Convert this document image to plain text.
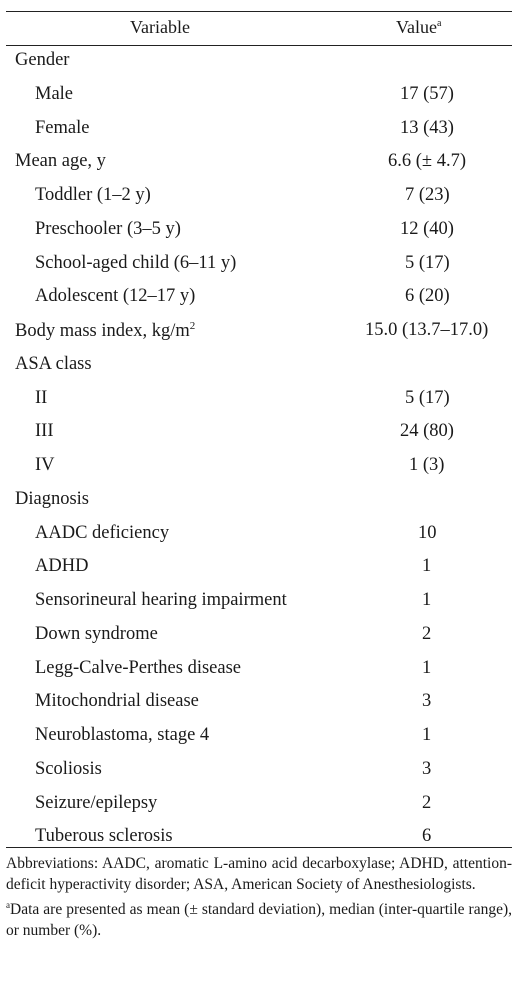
Variable	Value$^a$
Gender
Male	17 (57)
Female	13 (43)
Mean age, y	6.6 (± 4.7)
Toddler (1–2 y)	7 (23)
Preschooler (3–5 y)	12 (40)
School-aged child (6–11 y)	5 (17)
Adolescent (12–17 y)	6 (20)
Body mass index, $kg/m^2$	15.0 (13.7–17.0)
ASA class
II	5 (17)
III	24 (80)
IV	1 (3)
Diagnosis
AADC deficiency	10
ADHD	1
Sensorineural hearing impairment	1
Down syndrome	2
Legg-Calve-Perthes disease	1
Mitochondrial disease	3
Neuroblastoma, stage 4	1
Scoliosis	3
Seizure/epilepsy	2
Tuberous sclerosis	6

Abbreviations: AADC, aromatic L-amino acid decarboxylase; ADHD, attention-deficit hyperactivity disorder; ASA, American Society of Anesthesiologists.

$^a$Data are presented as mean (± standard deviation), median (inter-quartile range), or number (%).
